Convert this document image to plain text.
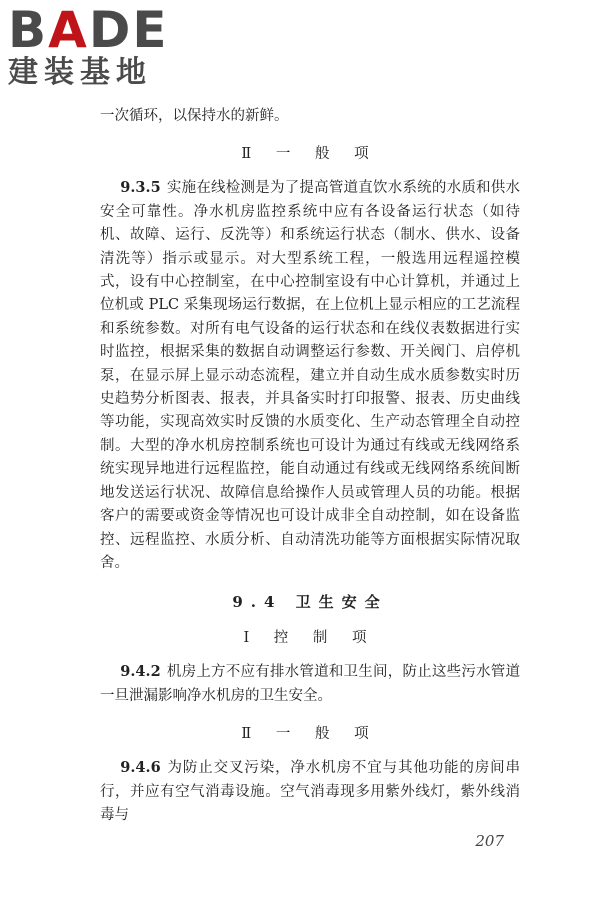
BADE
建装基地

一次循环，以保持水的新鲜。

Ⅱ 一 般 项

9.3.5 实施在线检测是为了提高管道直饮水系统的水质和供水安全可靠性。净水机房监控系统中应有各设备运行状态（如待机、故障、运行、反洗等）和系统运行状态（制水、供水、设备清洗等）指示或显示。对大型系统工程，一般选用远程遥控模式，设有中心控制室，在中心控制室设有中心计算机，并通过上位机或 PLC 采集现场运行数据，在上位机上显示相应的工艺流程和系统参数。对所有电气设备的运行状态和在线仪表数据进行实时监控，根据采集的数据自动调整运行参数、开关阀门、启停机泵，在显示屏上显示动态流程，建立并自动生成水质参数实时历史趋势分析图表、报表，并具备实时打印报警、报表、历史曲线等功能，实现高效实时反馈的水质变化、生产动态管理全自动控制。大型的净水机房控制系统也可设计为通过有线或无线网络系统实现异地进行远程监控，能自动通过有线或无线网络系统间断地发送运行状况、故障信息给操作人员或管理人员的功能。根据客户的需要或资金等情况也可设计成非全自动控制，如在设备监控、远程监控、水质分析、自动清洗功能等方面根据实际情况取舍。

9.4 卫生安全
Ⅰ 控 制 项

9.4.2 机房上方不应有排水管道和卫生间，防止这些污水管道一旦泄漏影响净水机房的卫生安全。

Ⅱ 一 般 项

9.4.6 为防止交叉污染，净水机房不宜与其他功能的房间串行，并应有空气消毒设施。空气消毒现多用紫外线灯，紫外线消毒与

207
